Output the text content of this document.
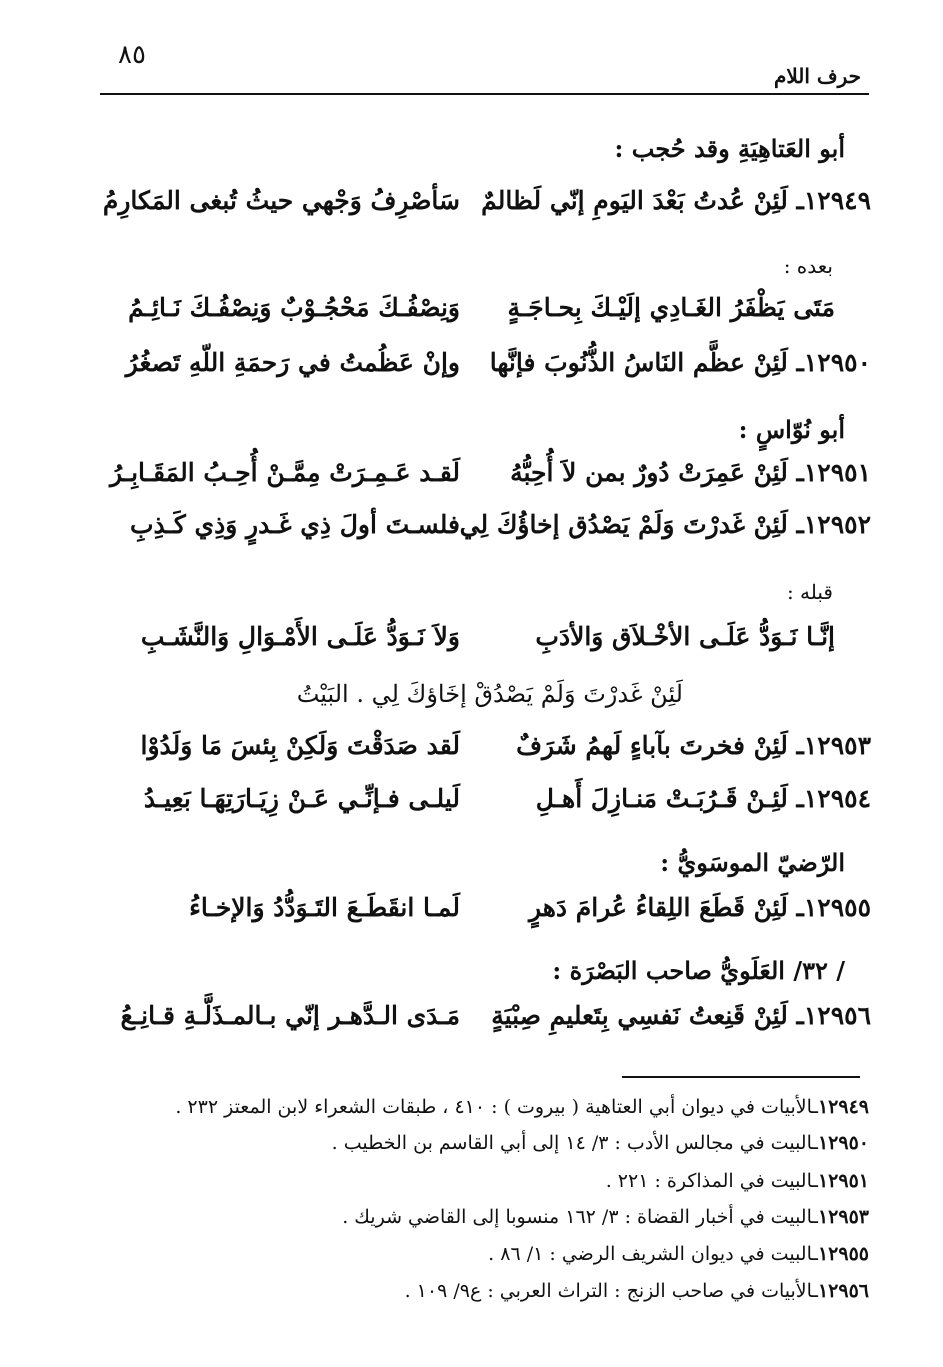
٨٥
حرف اللام
أبو العَتاهِيَةِ وقد حُجب :
١٢٩٤٩ـ لَئِنْ عُدتُ بَعْدَ اليَومِ إنّي لَظالمٌ
سَأصْرِفُ وَجْهي حيثُ تُبغى المَكارِمُ
بعده :
مَتَى يَظْفَرُ الغَـادِي إلَيْـكَ بِحـاجَـةٍ
وَنِصْفُـكَ مَحْجُـوْبٌ وَنِصْفُـكَ نَـائِـمُ
١٢٩٥٠ـ لَئِنْ عظَّم النَاسُ الذُّنُوبَ فإنَّها
وإنْ عَظُمتُ في رَحمَةِ اللّهِ تَصغُرُ
أبو نُوّاسٍ :
١٢٩٥١ـ لَئِنْ عَمِرَتْ دُورٌ بمن لاَ أُحِبُّهُ
لَقـد عَـمِـرَتْ مِمَّـنْ أُحِـبُ المَقَـابِـرُ
١٢٩٥٢ـ لَئِنْ غَدرْتَ وَلَمْ يَصْدُق إخاؤُكَ لِي
فلسـتَ أولَ ذِي غَـدرٍ وَذِي كَـذِبِ
قبله :
إنَّـا نَـوَدُّ عَلَـى الأخْـلاَق وَالأدَبِ
وَلاَ نَـوَدُّ عَلَـى الأَمْـوَالِ وَالنَّشَـبِ
لَئِنْ غَدرْتَ وَلَمْ يَصْدُقْ إخَاؤكَ لِي . البَيْتُ
١٢٩٥٣ـ لَئِنْ فخرتَ بآباءٍ لَهمُ شَرَفٌ
لَقد صَدَقْتَ وَلَكِنْ بِئسَ مَا وَلَدُوْا
١٢٩٥٤ـ لَئِـنْ قَـرُبَـتْ مَنـازِلَ أَهـلِ
لَيلـى فـإنِّـي عَـنْ زِيَـارَتِهَـا بَعِيـدُ
الرّضيّ الموسَويُّ :
١٢٩٥٥ـ لَئِنْ قَطَعَ اللِقاءُ عُرامَ دَهرٍ
لَمـا انقَطَـعَ التَـوَدُّدُ وَالإخـاءُ
/ ٣٢/ العَلَويُّ صاحب البَصْرَة :
١٢٩٥٦ـ لَئِنْ قَنِعتُ نَفسِي بِتَعليمِ صِبْيَةٍ
مَـدَى الـدَّهـر إنّي بـالمـذَلَّـةِ قـانِـعُ
١٢٩٤٩ـالأبيات في ديوان أبي العتاهية ( بيروت ) : ٤١٠ ، طبقات الشعراء لابن المعتز ٢٣٢ .
١٢٩٥٠ـالبيت في مجالس الأدب : ٣/ ١٤ إلى أبي القاسم بن الخطيب .
١٢٩٥١ـالبيت في المذاكرة : ٢٢١ .
١٢٩٥٣ـالبيت في أخبار القضاة : ٣/ ١٦٢ منسوبا إلى القاضي شريك .
١٢٩٥٥ـالبيت في ديوان الشريف الرضي : ١/ ٨٦ .
١٢٩٥٦ـالأبيات في صاحب الزنج : التراث العربي : ع٩/ ١٠٩ .
